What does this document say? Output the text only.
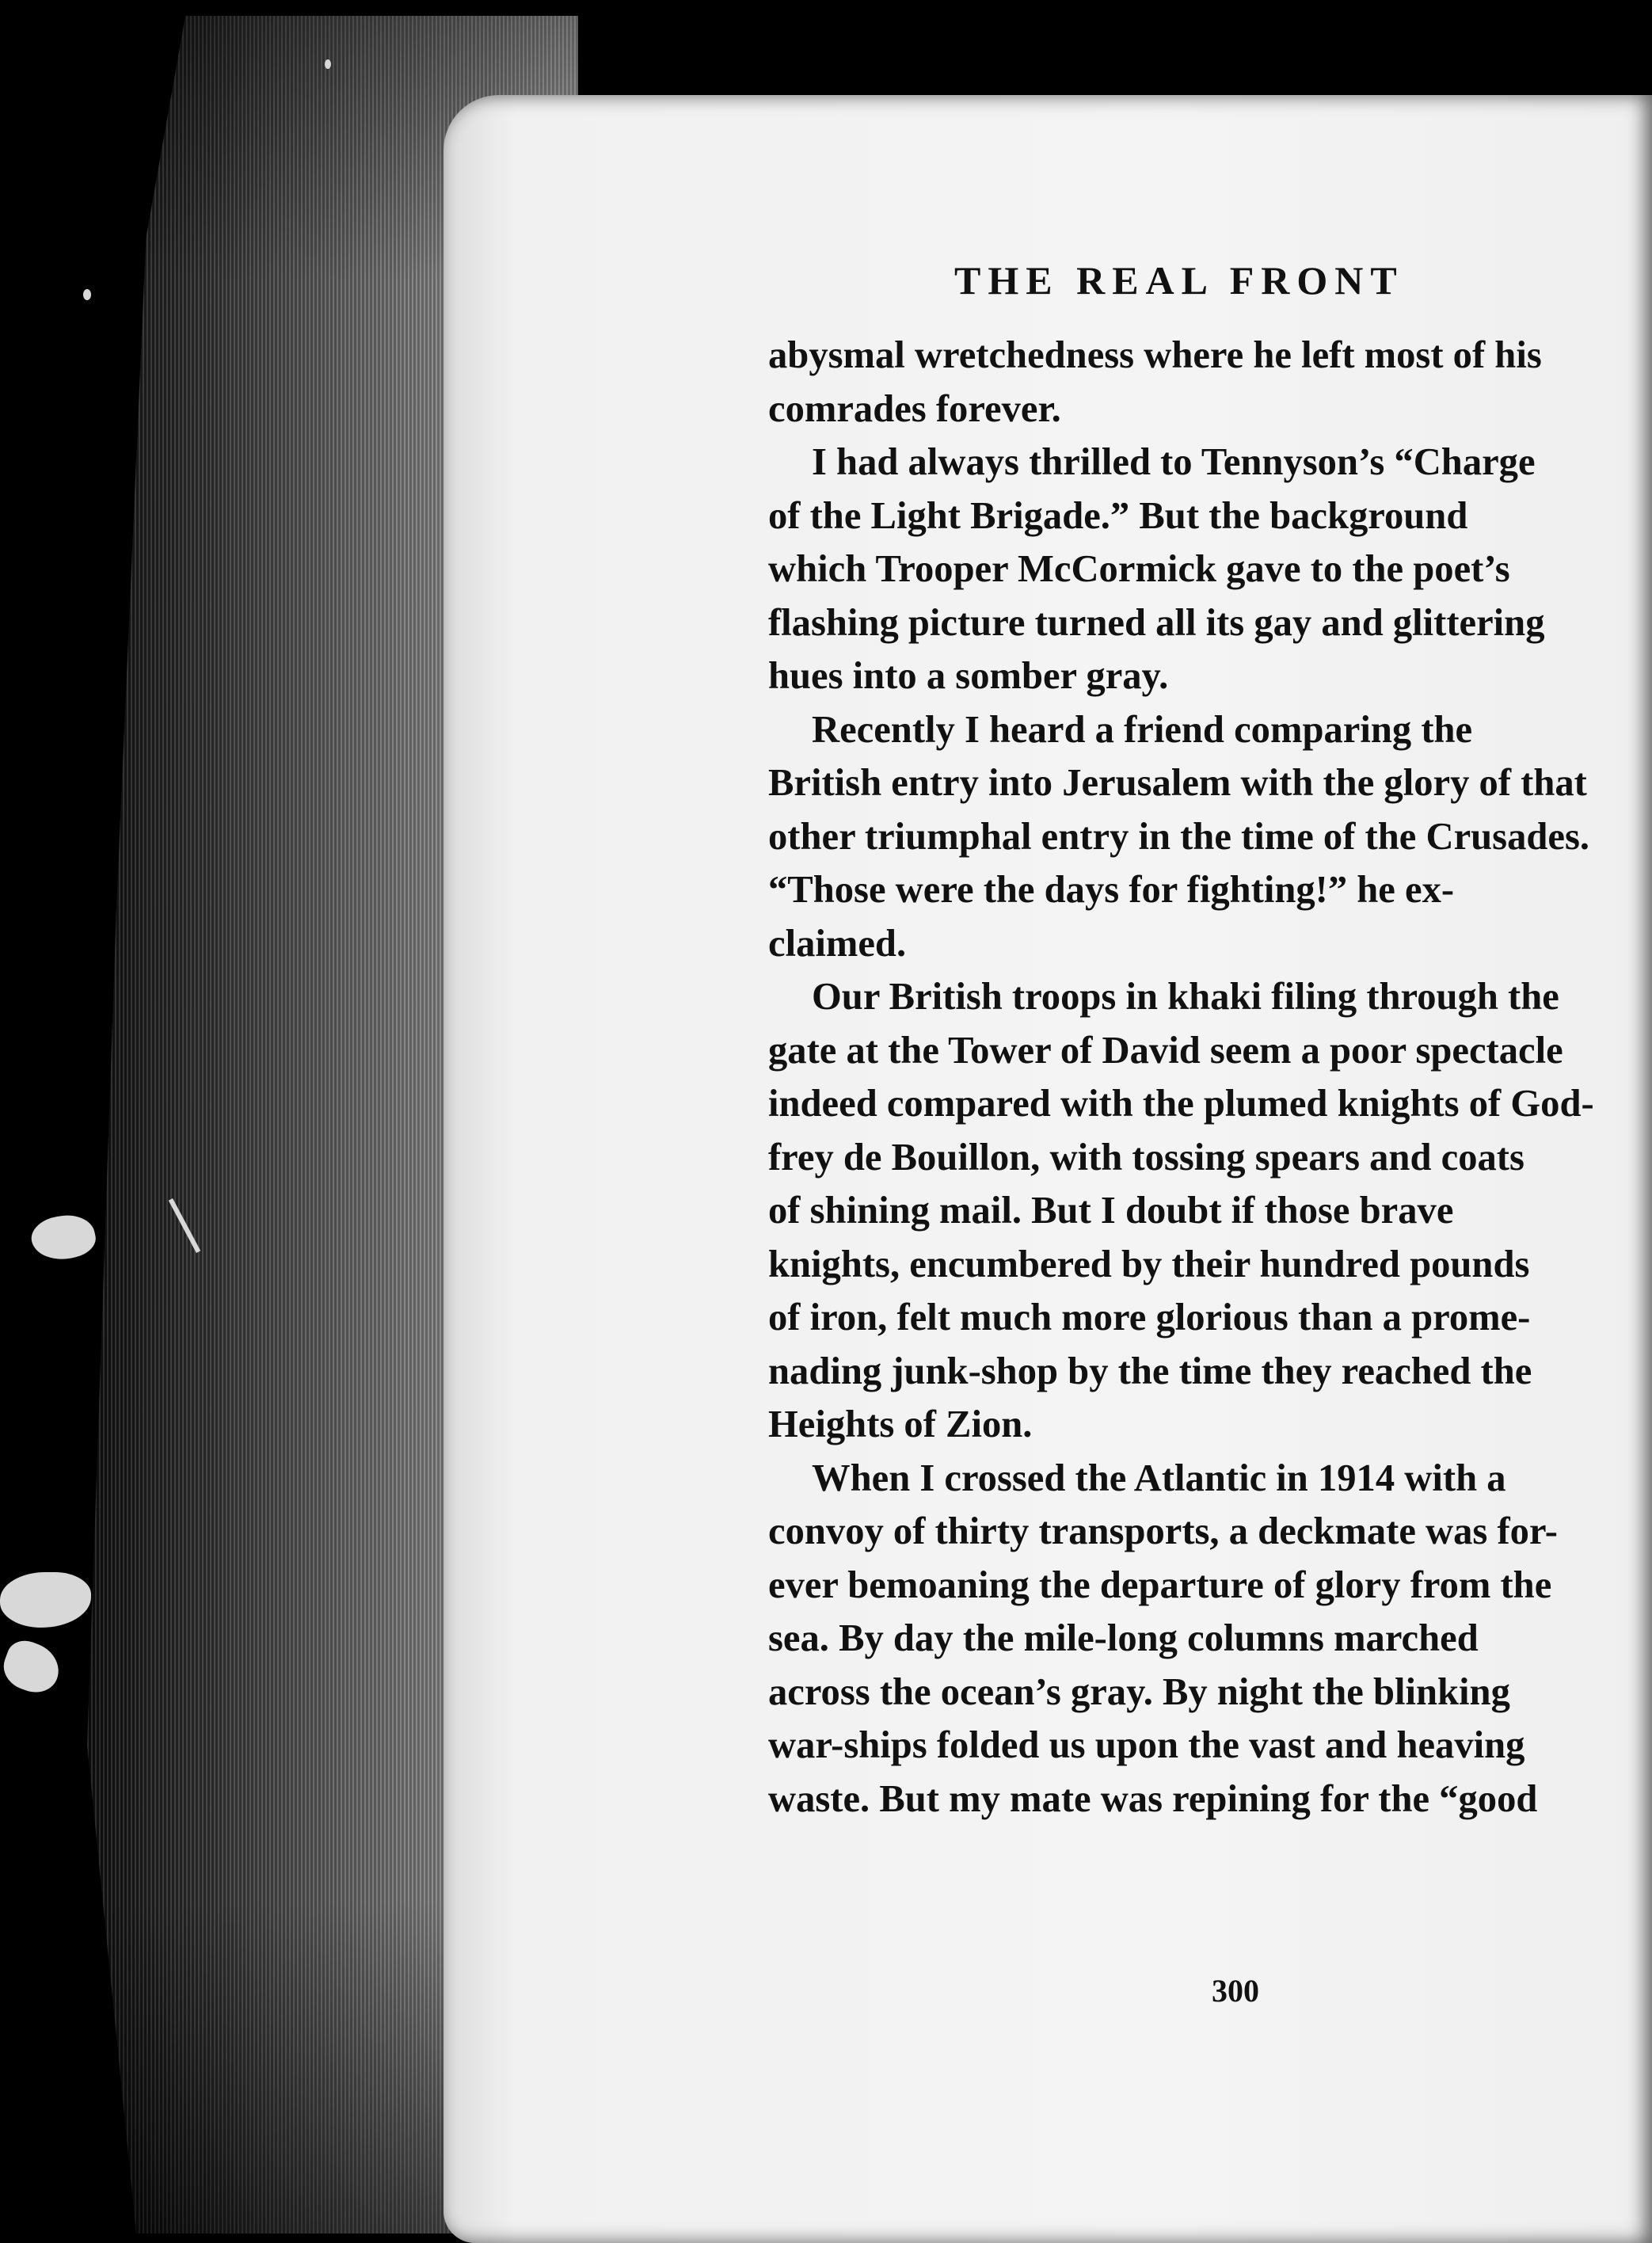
THE REAL FRONT
abysmal wretchedness where he left most of his
comrades forever.
I had always thrilled to Tennyson’s “Charge
of the Light Brigade.” But the background
which Trooper McCormick gave to the poet’s
flashing picture turned all its gay and glittering
hues into a somber gray.
Recently I heard a friend comparing the
British entry into Jerusalem with the glory of that
other triumphal entry in the time of the Crusades.
“Those were the days for fighting!” he ex-
claimed.
Our British troops in khaki filing through the
gate at the Tower of David seem a poor spectacle
indeed compared with the plumed knights of God-
frey de Bouillon, with tossing spears and coats
of shining mail. But I doubt if those brave
knights, encumbered by their hundred pounds
of iron, felt much more glorious than a prome-
nading junk-shop by the time they reached the
Heights of Zion.
When I crossed the Atlantic in 1914 with a
convoy of thirty transports, a deckmate was for-
ever bemoaning the departure of glory from the
sea. By day the mile-long columns marched
across the ocean’s gray. By night the blinking
war-ships folded us upon the vast and heaving
waste. But my mate was repining for the “good
300
